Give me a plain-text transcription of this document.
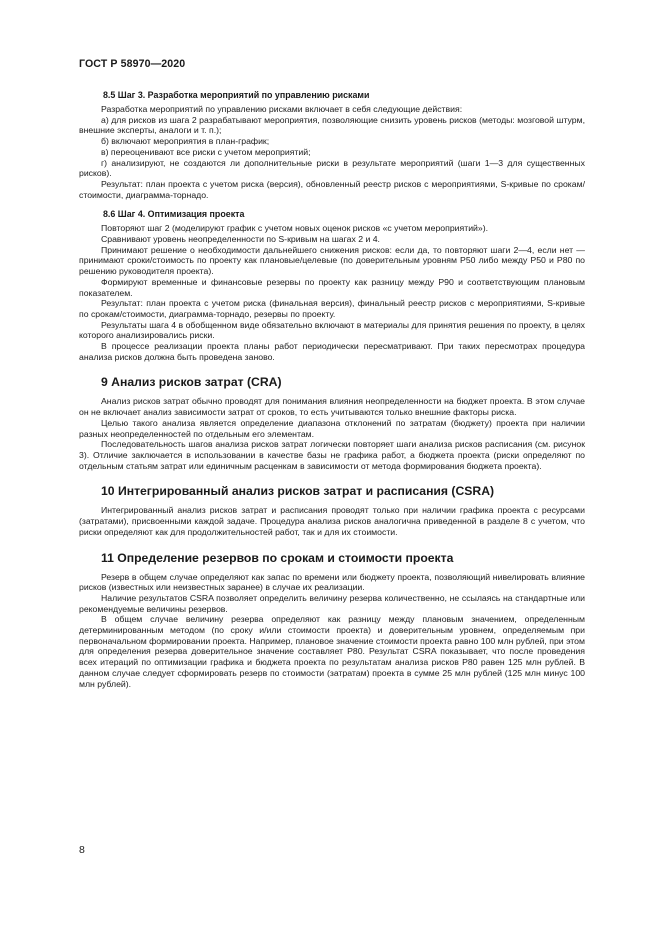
ГОСТ Р 58970—2020
8.5 Шаг 3. Разработка мероприятий по управлению рисками

Разработка мероприятий по управлению рисками включает в себя следующие действия:

а) для рисков из шага 2 разрабатывают мероприятия, позволяющие снизить уровень рисков (методы: мозговой штурм, внешние эксперты, аналоги и т. п.);

б) включают мероприятия в план-график;

в) переоценивают все риски с учетом мероприятий;

г) анализируют, не создаются ли дополнительные риски в результате мероприятий (шаги 1—3 для существенных рисков).

Результат: план проекта с учетом риска (версия), обновленный реестр рисков с мероприятиями, S-кривые по срокам/стоимости, диаграмма-торнадо.

8.6 Шаг 4. Оптимизация проекта

Повторяют шаг 2 (моделируют график с учетом новых оценок рисков «с учетом мероприятий»).

Сравнивают уровень неопределенности по S-кривым на шагах 2 и 4.

Принимают решение о необходимости дальнейшего снижения рисков: если да, то повторяют шаги 2—4, если нет — принимают сроки/стоимость по проекту как плановые/целевые (по доверительным уровням P50 либо между P50 и P80 по решению руководителя проекта).

Формируют временные и финансовые резервы по проекту как разницу между P90 и соответствующим плановым показателем.

Результат: план проекта с учетом риска (финальная версия), финальный реестр рисков с мероприятиями, S-кривые по срокам/стоимости, диаграмма-торнадо, резервы по проекту.

Результаты шага 4 в обобщенном виде обязательно включают в материалы для принятия решения по проекту, в целях которого анализировались риски.

В процессе реализации проекта планы работ периодически пересматривают. При таких пересмотрах процедура анализа рисков должна быть проведена заново.

9 Анализ рисков затрат (CRA)

Анализ рисков затрат обычно проводят для понимания влияния неопределенности на бюджет проекта. В этом случае он не включает анализ зависимости затрат от сроков, то есть учитываются только внешние факторы риска.

Целью такого анализа является определение диапазона отклонений по затратам (бюджету) проекта при наличии разных неопределенностей по отдельным его элементам.

Последовательность шагов анализа рисков затрат логически повторяет шаги анализа рисков расписания (см. рисунок 3). Отличие заключается в использовании в качестве базы не графика работ, а бюджета проекта (риски определяют по отдельным статьям затрат или единичным расценкам в зависимости от метода формирования бюджета проекта).

10 Интегрированный анализ рисков затрат и расписания (CSRA)

Интегрированный анализ рисков затрат и расписания проводят только при наличии графика проекта с ресурсами (затратами), присвоенными каждой задаче. Процедура анализа рисков аналогична приведенной в разделе 8 с учетом, что риски определяют как для продолжительностей работ, так и для их стоимости.

11 Определение резервов по срокам и стоимости проекта

Резерв в общем случае определяют как запас по времени или бюджету проекта, позволяющий нивелировать влияние рисков (известных или неизвестных заранее) в случае их реализации.

Наличие результатов CSRA позволяет определить величину резерва количественно, не ссылаясь на стандартные или рекомендуемые величины резервов.

В общем случае величину резерва определяют как разницу между плановым значением, определенным детерминированным методом (по сроку и/или стоимости проекта) и доверительным уровнем, определяемым при первоначальном формировании проекта. Например, плановое значение стоимости проекта равно 100 млн рублей, при этом для определения резерва доверительное значение составляет P80. Результат CSRA показывает, что после проведения всех итераций по оптимизации графика и бюджета проекта по результатам анализа рисков P80 равен 125 млн рублей. В данном случае следует сформировать резерв по стоимости (затратам) проекта в сумме 25 млн рублей (125 млн минус 100 млн рублей).

8
